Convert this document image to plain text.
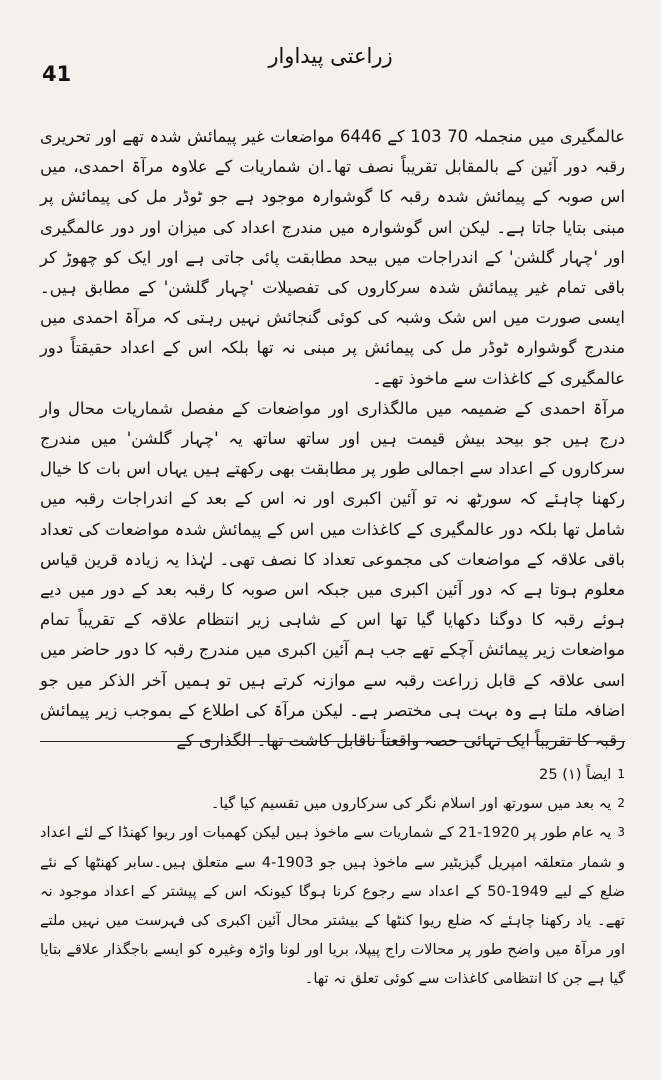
41
زراعتی پیداوار

عالمگیری میں منجملہ 70 103 کے 6446 مواضعات غیر پیمائش شدہ تھے اور تحریری رقبہ دور آئین کے بالمقابل تقریباً نصف تھا۔ان شماریات کے علاوہ مرآۃ احمدی، میں اس صوبہ کے پیمائش شدہ رقبہ کا گوشوارہ موجود ہے جو ٹوڈر مل کی پیمائش پر مبنی بتایا جاتا ہے۔ لیکن اس گوشوارہ میں مندرج اعداد کی میزان اور دور عالمگیری اور 'چہار گلشن' کے اندراجات میں بیحد مطابقت پائی جاتی ہے اور ایک کو چھوڑ کر باقی تمام غیر پیمائش شدہ سرکاروں کی تفصیلات 'چہار گلشن' کے مطابق ہیں۔ایسی صورت میں اس شک وشبہ کی کوئی گنجائش نہیں رہتی کہ مرآۃ احمدی میں مندرج گوشوارہ ٹوڈر مل کی پیمائش پر مبنی نہ تھا بلکہ اس کے اعداد حقیقتاً دور عالمگیری کے کاغذات سے ماخوذ تھے۔

مرآۃ احمدی کے ضمیمہ میں مالگذاری اور مواضعات کے مفصل شماریات محال وار درج ہیں جو بیحد بیش قیمت ہیں اور ساتھ ساتھ یہ 'چہار گلشن' میں مندرج سرکاروں کے اعداد سے اجمالی طور پر مطابقت بھی رکھتے ہیں یہاں اس بات کا خیال رکھنا چاہئے کہ سورٹھ نہ تو آئین اکبری اور نہ اس کے بعد کے اندراجات رقبہ میں شامل تھا بلکہ دور عالمگیری کے کاغذات میں اس کے پیمائش شدہ مواضعات کی تعداد باقی علاقہ کے مواضعات کی مجموعی تعداد کا نصف تھی۔ لہٰذا یہ زیادہ قرین قیاس معلوم ہوتا ہے کہ دور آئین اکبری میں جبکہ اس صوبہ کا رقبہ بعد کے دور میں دیے ہوئے رقبہ کا دوگنا دکھایا گیا تھا اس کے شاہی زیر انتظام علاقہ کے تقریباً تمام مواضعات زیر پیمائش آچکے تھے جب ہم آئین اکبری میں مندرج رقبہ کا دور حاضر میں اسی علاقہ کے قابل زراعت رقبہ سے موازنہ کرتے ہیں تو ہمیں آخر الذکر میں جو اضافہ ملتا ہے وہ بہت ہی مختصر ہے۔ لیکن مرآۃ کی اطلاع کے بموجب زیر پیمائش رقبہ کا تقریباً ایک تہائی حصہ واقعتاً ناقابل کاشت تھا۔ الگذاری کے

1ایضاً (۱) 25

2یہ بعد میں سورتھ اور اسلام نگر کی سرکاروں میں تقسیم کیا گیا۔

3یہ عام طور پر 1920-21 کے شماریات سے ماخوذ ہیں لیکن کھمبات اور ریوا کھنڈا کے لئے اعداد و شمار متعلقہ امپریل گیزیٹیر سے ماخوذ ہیں جو 1903-4 سے متعلق ہیں۔سابر کھنٹھا کے نئے ضلع کے لیے 1949-50 کے اعداد سے رجوع کرنا ہوگا کیونکہ اس کے پیشتر کے اعداد موجود نہ تھے۔ یاد رکھنا چاہئے کہ ضلع ریوا کنٹھا کے بیشتر محال آئین اکبری کی فہرست میں نہیں ملتے اور مرآۃ میں واضح طور پر محالات راج پیپلا، بریا اور لونا واڑہ وغیرہ کو ایسے باجگذار علاقے بتایا گیا ہے جن کا انتظامی کاغذات سے کوئی تعلق نہ تھا۔
